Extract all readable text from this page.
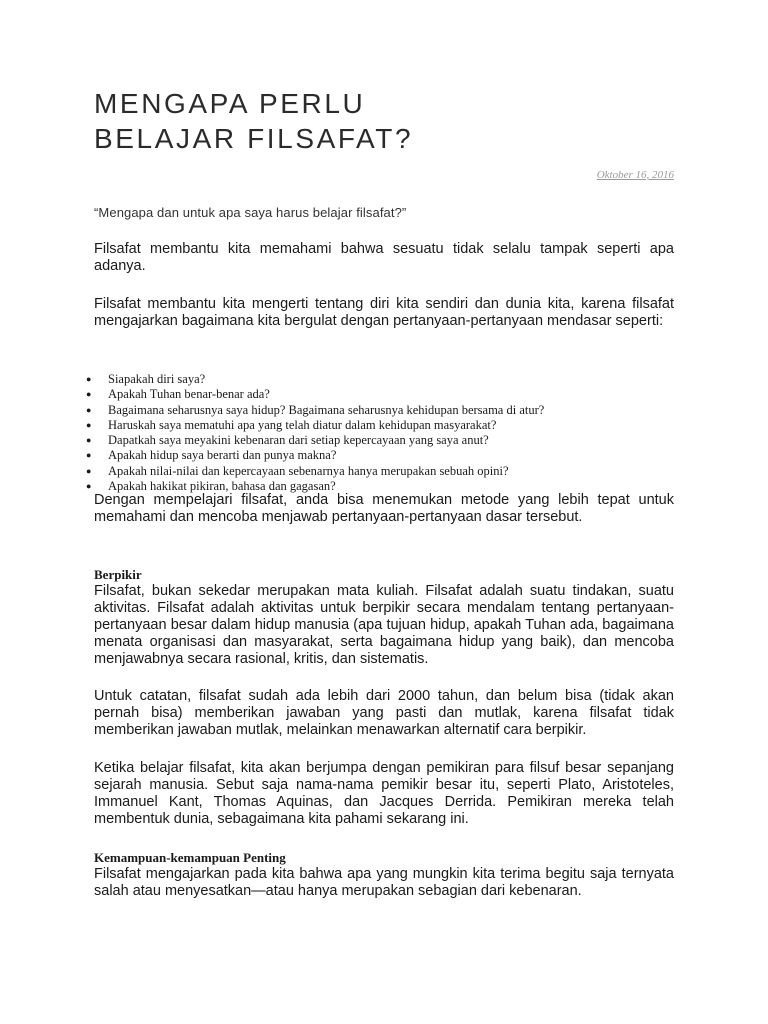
MENGAPA PERLU
BELAJAR FILSAFAT?
Oktober 16, 2016
“Mengapa dan untuk apa saya harus belajar filsafat?”

Filsafat membantu kita memahami bahwa sesuatu tidak selalu tampak seperti apa adanya.

Filsafat membantu kita mengerti tentang diri kita sendiri dan dunia kita, karena filsafat mengajarkan bagaimana kita bergulat dengan pertanyaan-pertanyaan mendasar seperti:

● Siapakah diri saya?
● Apakah Tuhan benar-benar ada?
● Bagaimana seharusnya saya hidup? Bagaimana seharusnya kehidupan bersama di atur?
● Haruskah saya mematuhi apa yang telah diatur dalam kehidupan masyarakat?
● Dapatkah saya meyakini kebenaran dari setiap kepercayaan yang saya anut?
● Apakah hidup saya berarti dan punya makna?
● Apakah nilai-nilai dan kepercayaan sebenarnya hanya merupakan sebuah opini?
● Apakah hakikat pikiran, bahasa dan gagasan?

Dengan mempelajari filsafat, anda bisa menemukan metode yang lebih tepat untuk memahami dan mencoba menjawab pertanyaan-pertanyaan dasar tersebut.

Berpikir

Filsafat, bukan sekedar merupakan mata kuliah. Filsafat adalah suatu tindakan, suatu aktivitas. Filsafat adalah aktivitas untuk berpikir secara mendalam tentang pertanyaan-pertanyaan besar dalam hidup manusia (apa tujuan hidup, apakah Tuhan ada, bagaimana menata organisasi dan masyarakat, serta bagaimana hidup yang baik), dan mencoba menjawabnya secara rasional, kritis, dan sistematis.

Untuk catatan, filsafat sudah ada lebih dari 2000 tahun, dan belum bisa (tidak akan pernah bisa) memberikan jawaban yang pasti dan mutlak, karena filsafat tidak memberikan jawaban mutlak, melainkan menawarkan alternatif cara berpikir.

Ketika belajar filsafat, kita akan berjumpa dengan pemikiran para filsuf besar sepanjang sejarah manusia. Sebut saja nama-nama pemikir besar itu, seperti Plato, Aristoteles, Immanuel Kant, Thomas Aquinas, dan Jacques Derrida. Pemikiran mereka telah membentuk dunia, sebagaimana kita pahami sekarang ini.

Kemampuan-kemampuan Penting

Filsafat mengajarkan pada kita bahwa apa yang mungkin kita terima begitu saja ternyata salah atau menyesatkan—atau hanya merupakan sebagian dari kebenaran.
